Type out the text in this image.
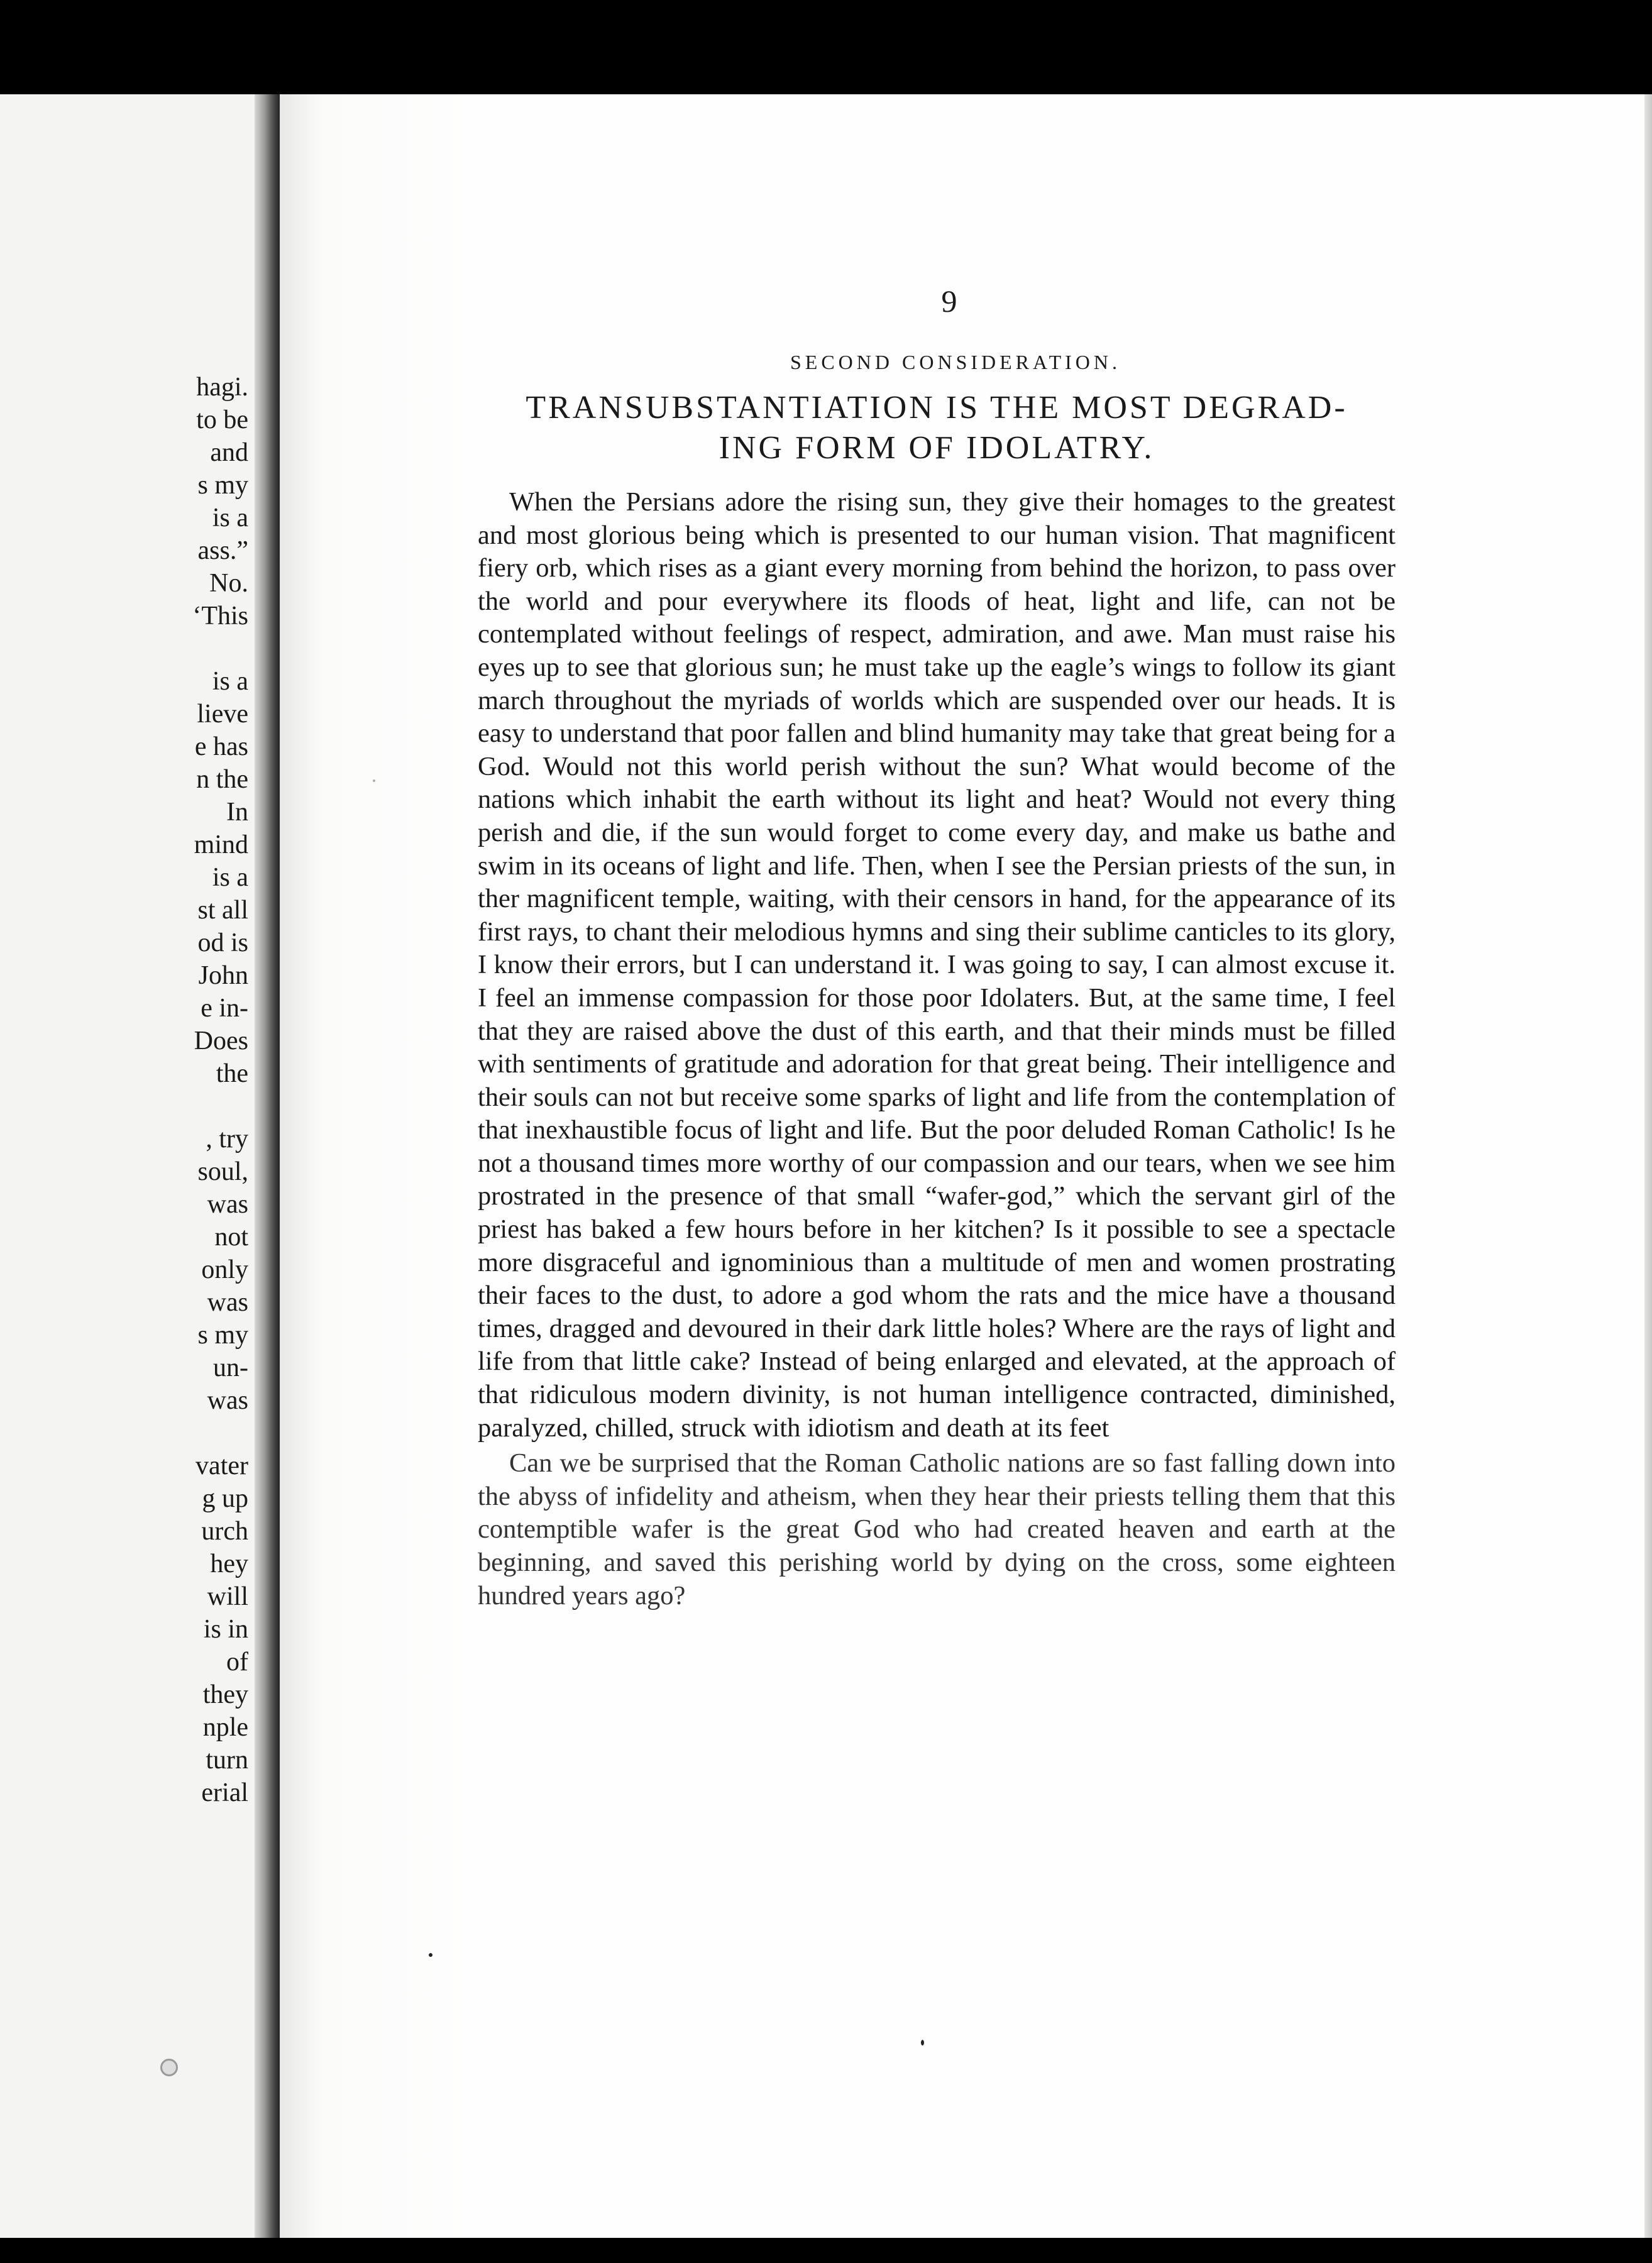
hagi.
to be
and
s my
is a
ass.”
No.
‘This

is a
lieve
e has
n the
In
mind
is a
st all
od is
John
e in-
Does
the

, try
soul,
was
not
only
was
s my
un-
was

vater
g up
urch
hey
will
is in
of
they
nple
turn
erial
9
SECOND CONSIDERATION.
TRANSUBSTANTIATION IS THE MOST DEGRAD-
ING FORM OF IDOLATRY.

When the Persians adore the rising sun, they give their homages to the greatest and most glorious being which is presented to our human vision. That magnificent fiery orb, which rises as a giant every morning from behind the horizon, to pass over the world and pour everywhere its floods of heat, light and life, can not be contemplated without feelings of respect, admiration, and awe. Man must raise his eyes up to see that glorious sun; he must take up the eagle’s wings to follow its giant march throughout the myriads of worlds which are suspended over our heads. It is easy to understand that poor fallen and blind humanity may take that great being for a God. Would not this world perish without the sun? What would become of the nations which inhabit the earth without its light and heat? Would not every thing perish and die, if the sun would forget to come every day, and make us bathe and swim in its oceans of light and life. Then, when I see the Persian priests of the sun, in ther magnificent temple, waiting, with their censors in hand, for the appearance of its first rays, to chant their melodious hymns and sing their sublime canticles to its glory, I know their errors, but I can understand it. I was going to say, I can almost excuse it. I feel an immense compassion for those poor Idolaters. But, at the same time, I feel that they are raised above the dust of this earth, and that their minds must be filled with sentiments of gratitude and adoration for that great being. Their intelligence and their souls can not but receive some sparks of light and life from the contemplation of that inexhaustible focus of light and life. But the poor deluded Roman Catholic! Is he not a thousand times more worthy of our compassion and our tears, when we see him prostrated in the presence of that small “wafer-god,” which the servant girl of the priest has baked a few hours before in her kitchen? Is it possible to see a spectacle more disgraceful and ignominious than a multitude of men and women prostrating their faces to the dust, to adore a god whom the rats and the mice have a thousand times, dragged and devoured in their dark little holes? Where are the rays of light and life from that little cake? Instead of being enlarged and elevated, at the approach of that ridiculous modern divinity, is not human intelligence contracted, diminished, paralyzed, chilled, struck with idiotism and death at its feet

Can we be surprised that the Roman Catholic nations are so fast falling down into the abyss of infidelity and atheism, when they hear their priests telling them that this contemptible wafer is the great God who had created heaven and earth at the beginning, and saved this perishing world by dying on the cross, some eighteen hundred years ago?
